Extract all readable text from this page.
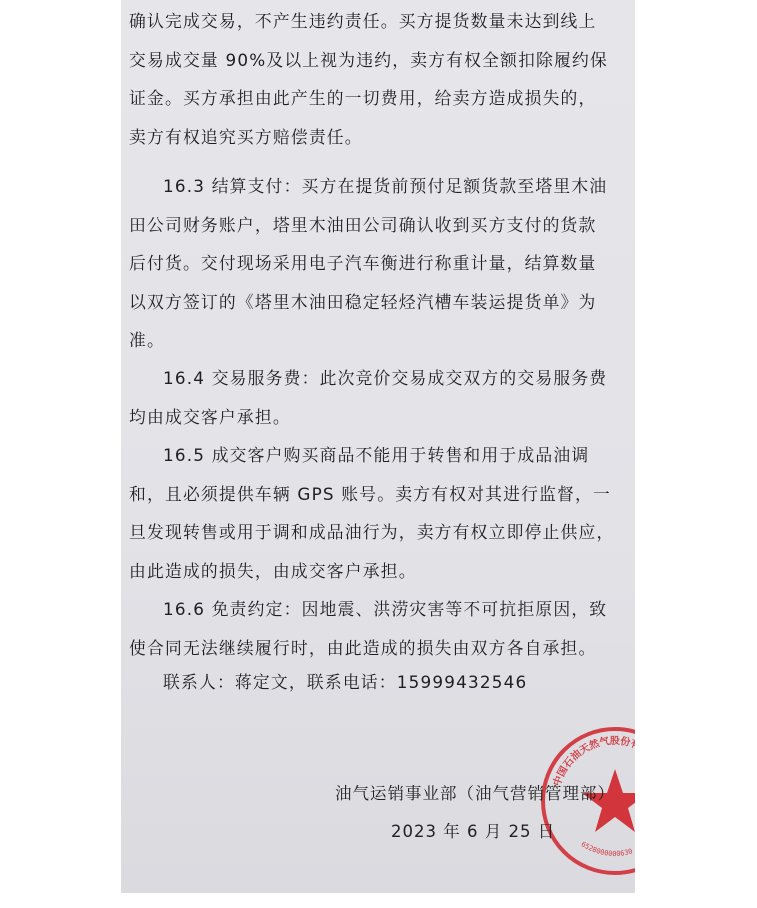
确认完成交易，不产生违约责任。买方提货数量未达到线上
交易成交量 90%及以上视为违约，卖方有权全额扣除履约保
证金。买方承担由此产生的一切费用，给卖方造成损失的，
卖方有权追究买方赔偿责任。
16.3 结算支付：买方在提货前预付足额货款至塔里木油
田公司财务账户，塔里木油田公司确认收到买方支付的货款
后付货。交付现场采用电子汽车衡进行称重计量，结算数量
以双方签订的《塔里木油田稳定轻烃汽槽车装运提货单》为
准。
16.4 交易服务费：此次竞价交易成交双方的交易服务费
均由成交客户承担。
16.5 成交客户购买商品不能用于转售和用于成品油调
和，且必须提供车辆 GPS 账号。卖方有权对其进行监督，一
旦发现转售或用于调和成品油行为，卖方有权立即停止供应，
由此造成的损失，由成交客户承担。
16.6 免责约定：因地震、洪涝灾害等不可抗拒原因，致
使合同无法继续履行时，由此造成的损失由双方各自承担。
联系人：蒋定文，联系电话：15999432546
中国石油天然气股份有限公司塔里木油田分公司
6528000000630
油气运销事业部（油气营销管理部）
2023 年 6 月 25 日
